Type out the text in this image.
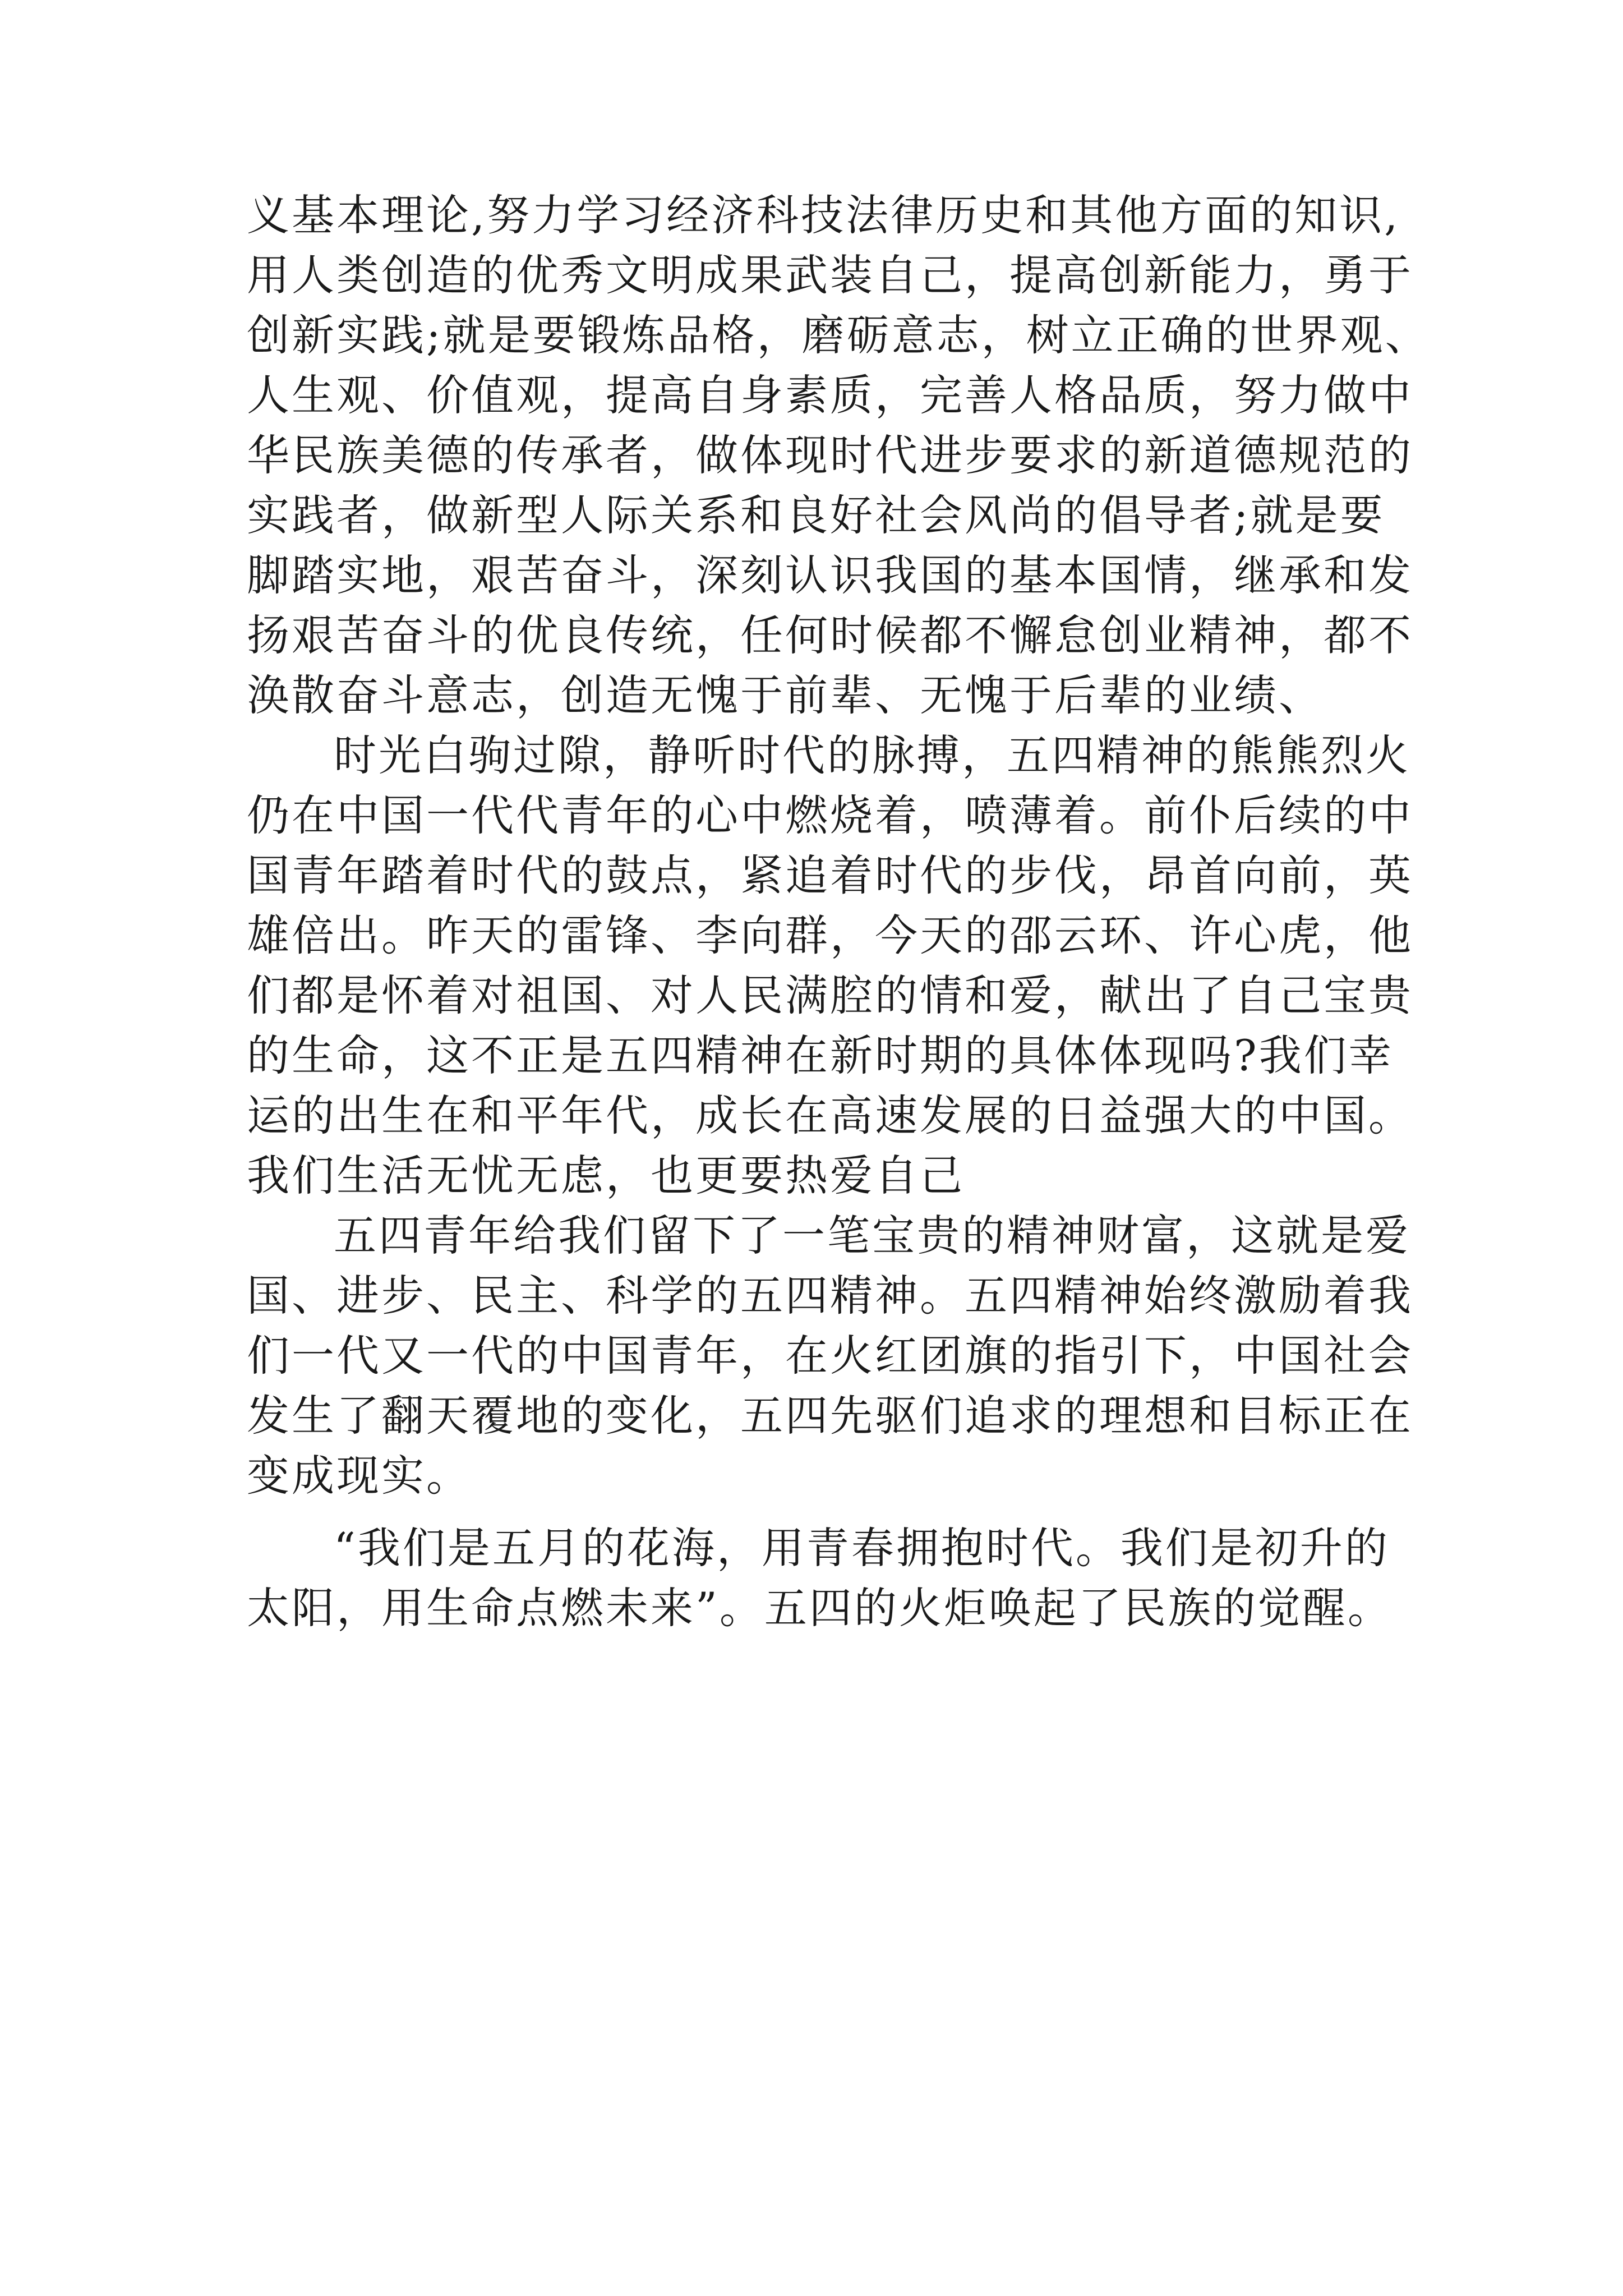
义基本理论,努力学习经济科技法律历史和其他方面的知识,
用人类创造的优秀文明成果武装自己，提高创新能力，勇于
创新实践;就是要锻炼品格，磨砺意志，树立正确的世界观、
人生观、价值观，提高自身素质，完善人格品质，努力做中
华民族美德的传承者，做体现时代进步要求的新道德规范的
实践者，做新型人际关系和良好社会风尚的倡导者;就是要
脚踏实地，艰苦奋斗，深刻认识我国的基本国情，继承和发
扬艰苦奋斗的优良传统，任何时候都不懈怠创业精神，都不
涣散奋斗意志，创造无愧于前辈、无愧于后辈的业绩、
时光白驹过隙，静听时代的脉搏，五四精神的熊熊烈火
仍在中国一代代青年的心中燃烧着，喷薄着。前仆后续的中
国青年踏着时代的鼓点，紧追着时代的步伐，昂首向前，英
雄倍出。昨天的雷锋、李向群，今天的邵云环、许心虎，他
们都是怀着对祖国、对人民满腔的情和爱，献出了自己宝贵
的生命，这不正是五四精神在新时期的具体体现吗?我们幸
运的出生在和平年代，成长在高速发展的日益强大的中国。
我们生活无忧无虑，也更要热爱自己
五四青年给我们留下了一笔宝贵的精神财富，这就是爱
国、进步、民主、科学的五四精神。五四精神始终激励着我
们一代又一代的中国青年，在火红团旗的指引下，中国社会
发生了翻天覆地的变化，五四先驱们追求的理想和目标正在
变成现实。
“我们是五月的花海，用青春拥抱时代。我们是初升的
太阳，用生命点燃未来”。五四的火炬唤起了民族的觉醒。
